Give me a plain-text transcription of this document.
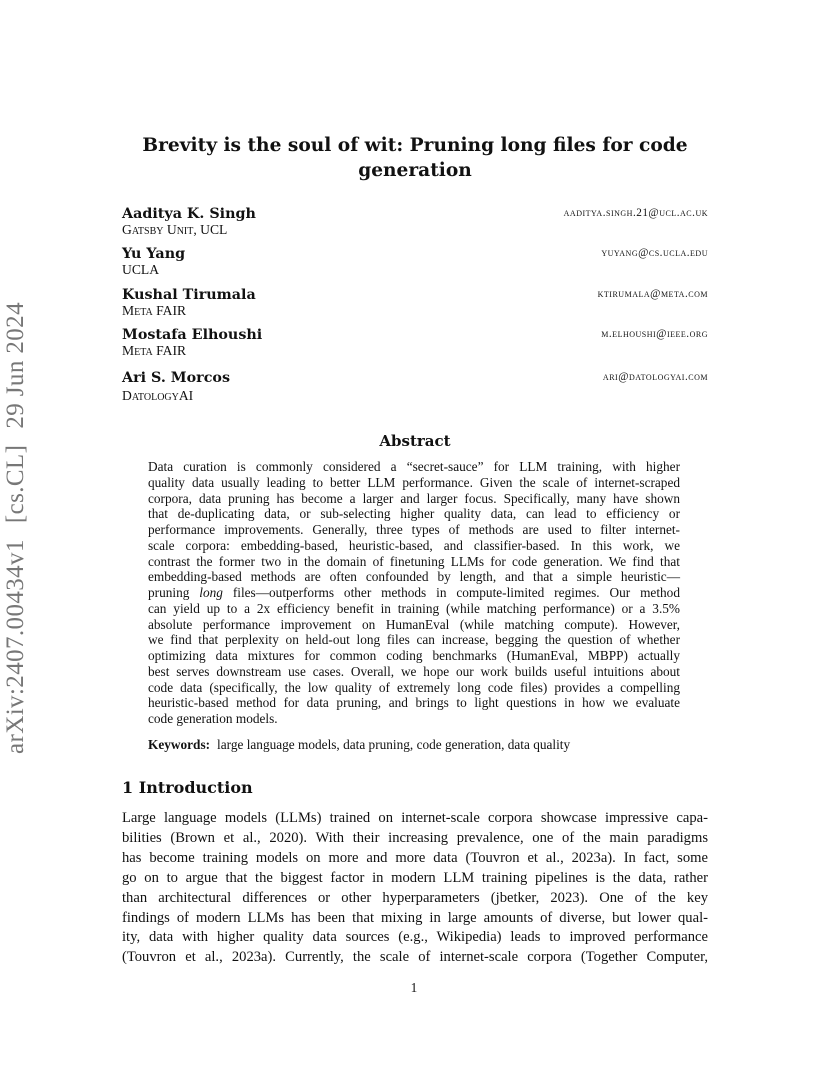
arXiv:2407.00434v1[cs.CL]29 Jun 2024
Brevity is the soul of wit: Pruning long files for code
generation
Aaditya K. Singh
Gatsby Unit, UCL
aaditya.singh.21@ucl.ac.uk
Yu Yang
UCLA
yuyang@cs.ucla.edu
Kushal Tirumala
Meta FAIR
ktirumala@meta.com
Mostafa Elhoushi
Meta FAIR
m.elhoushi@ieee.org
Ari S. Morcos
DatologyAI
ari@datologyai.com
Abstract
Data curation is commonly considered a “secret-sauce” for LLM training, with higher
quality data usually leading to better LLM performance. Given the scale of internet-scraped
corpora, data pruning has become a larger and larger focus. Specifically, many have shown
that de-duplicating data, or sub-selecting higher quality data, can lead to efficiency or
performance improvements. Generally, three types of methods are used to filter internet-
scale corpora: embedding-based, heuristic-based, and classifier-based. In this work, we
contrast the former two in the domain of finetuning LLMs for code generation. We find that
embedding-based methods are often confounded by length, and that a simple heuristic—
pruning long files—outperforms other methods in compute-limited regimes. Our method
can yield up to a 2x efficiency benefit in training (while matching performance) or a 3.5%
absolute performance improvement on HumanEval (while matching compute). However,
we find that perplexity on held-out long files can increase, begging the question of whether
optimizing data mixtures for common coding benchmarks (HumanEval, MBPP) actually
best serves downstream use cases. Overall, we hope our work builds useful intuitions about
code data (specifically, the low quality of extremely long code files) provides a compelling
heuristic-based method for data pruning, and brings to light questions in how we evaluate
code generation models.
Keywords: large language models, data pruning, code generation, data quality
1 Introduction
Large language models (LLMs) trained on internet-scale corpora showcase impressive capa-
bilities (Brown et al., 2020). With their increasing prevalence, one of the main paradigms
has become training models on more and more data (Touvron et al., 2023a). In fact, some
go on to argue that the biggest factor in modern LLM training pipelines is the data, rather
than architectural differences or other hyperparameters (jbetker, 2023). One of the key
findings of modern LLMs has been that mixing in large amounts of diverse, but lower qual-
ity, data with higher quality data sources (e.g., Wikipedia) leads to improved performance
(Touvron et al., 2023a). Currently, the scale of internet-scale corpora (Together Computer,
1
